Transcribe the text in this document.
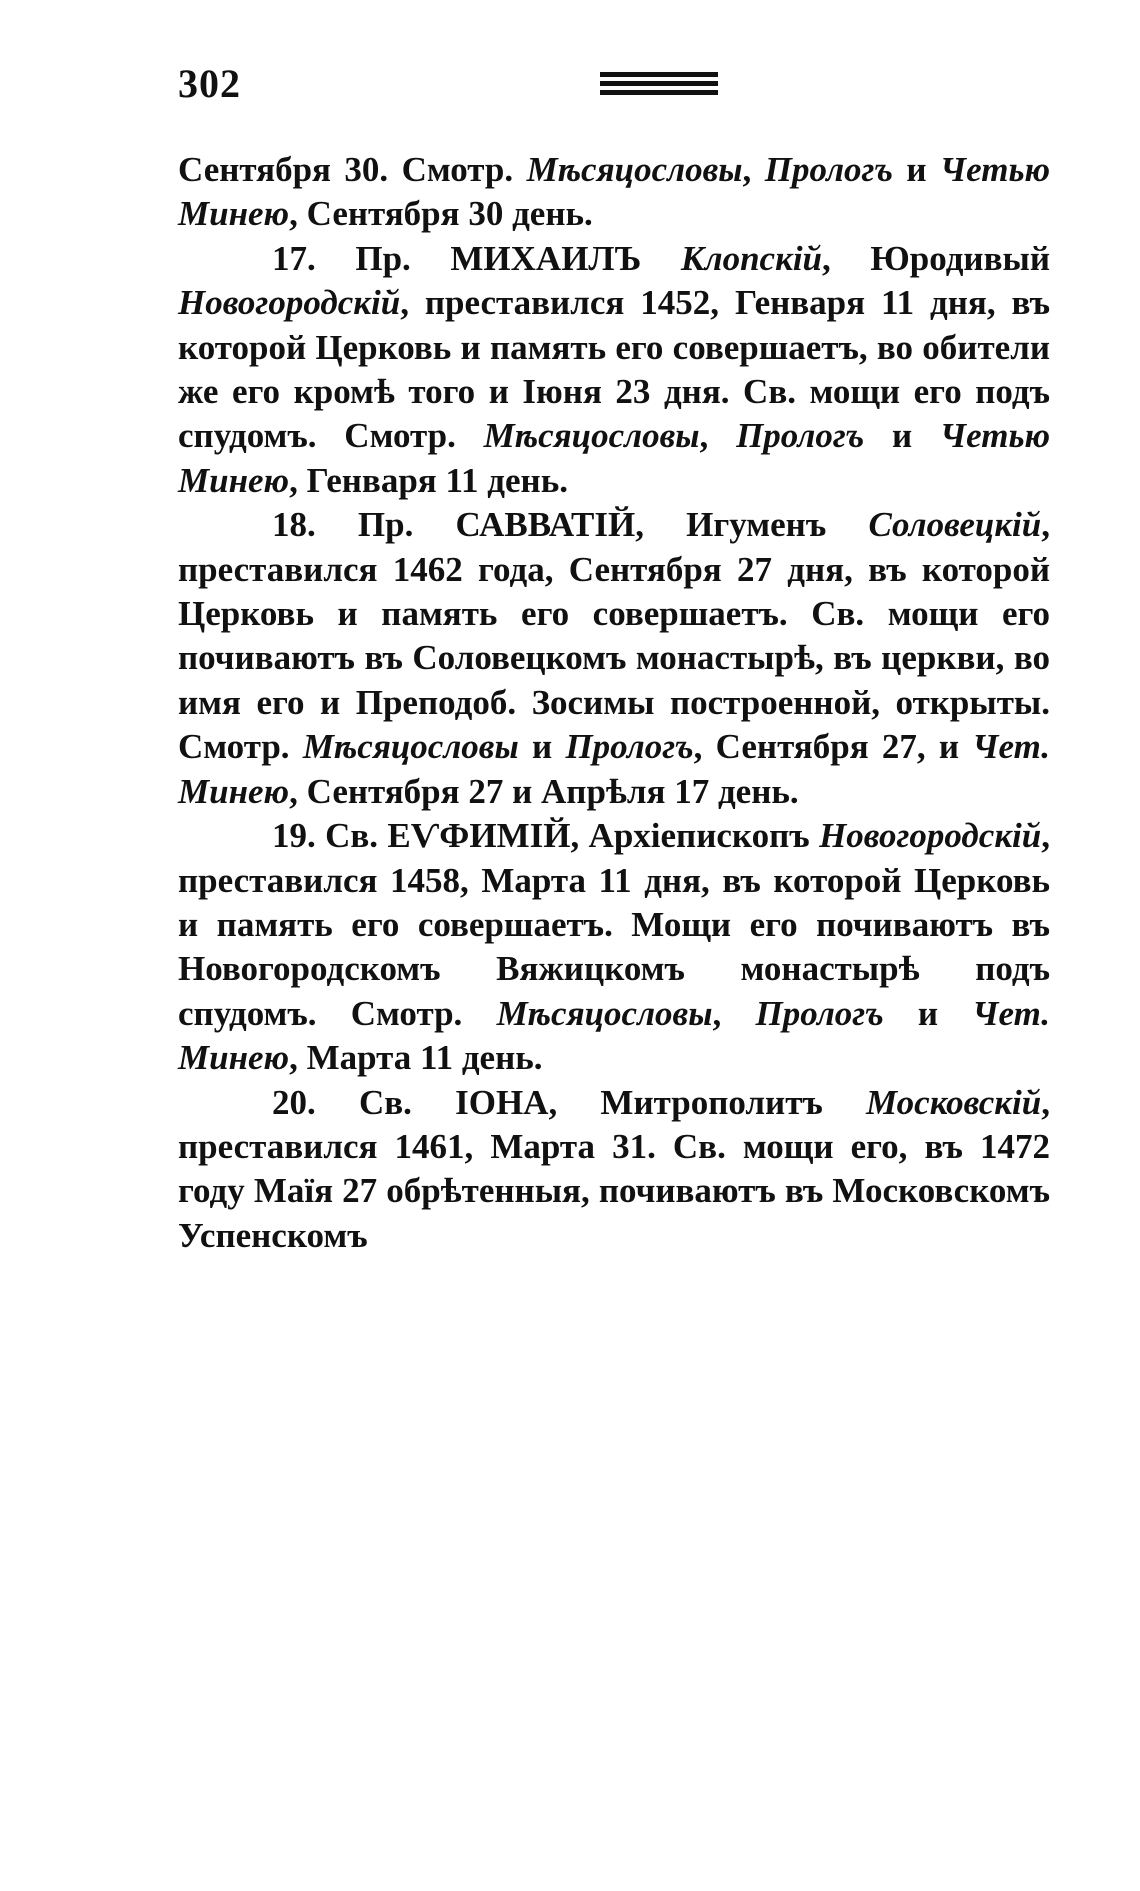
302

Сентября 30. Смотр. Мѣсяцословы, Прологъ и Четью Минею, Сентября 30 день.

17. Пр. МИХАИЛЪ Клопскій, Юродивый Новогородскій, преставился 1452, Генваря 11 дня, въ которой Церковь и память его совершаетъ, во обители же его кромѣ того и Іюня 23 дня. Св. мощи его подъ спудомъ. Смотр. Мѣсяцословы, Прологъ и Четью Минею, Генваря 11 день.

18. Пр. САВВАТІЙ, Игуменъ Соловецкій, преставился 1462 года, Сентября 27 дня, въ которой Церковь и память его совершаетъ. Св. мощи его почиваютъ въ Соловецкомъ монастырѣ, въ церкви, во имя его и Преподоб. Зосимы построенной, открыты. Смотр. Мѣсяцословы и Прологъ, Сентября 27, и Чет. Минею, Сентября 27 и Апрѣля 17 день.

19. Св. ЕѴФИМІЙ, Архіепископъ Новогородскій, преставился 1458, Марта 11 дня, въ которой Церковь и память его совершаетъ. Мощи его почиваютъ въ Новогородскомъ Вяжицкомъ монастырѣ подъ спудомъ. Смотр. Мѣсяцословы, Прологъ и Чет. Минею, Марта 11 день.

20. Св. ІОНА, Митрополитъ Московскій, преставился 1461, Марта 31. Св. мощи его, въ 1472 году Маїя 27 обрѣтенныя, почиваютъ въ Московскомъ Успенскомъ
